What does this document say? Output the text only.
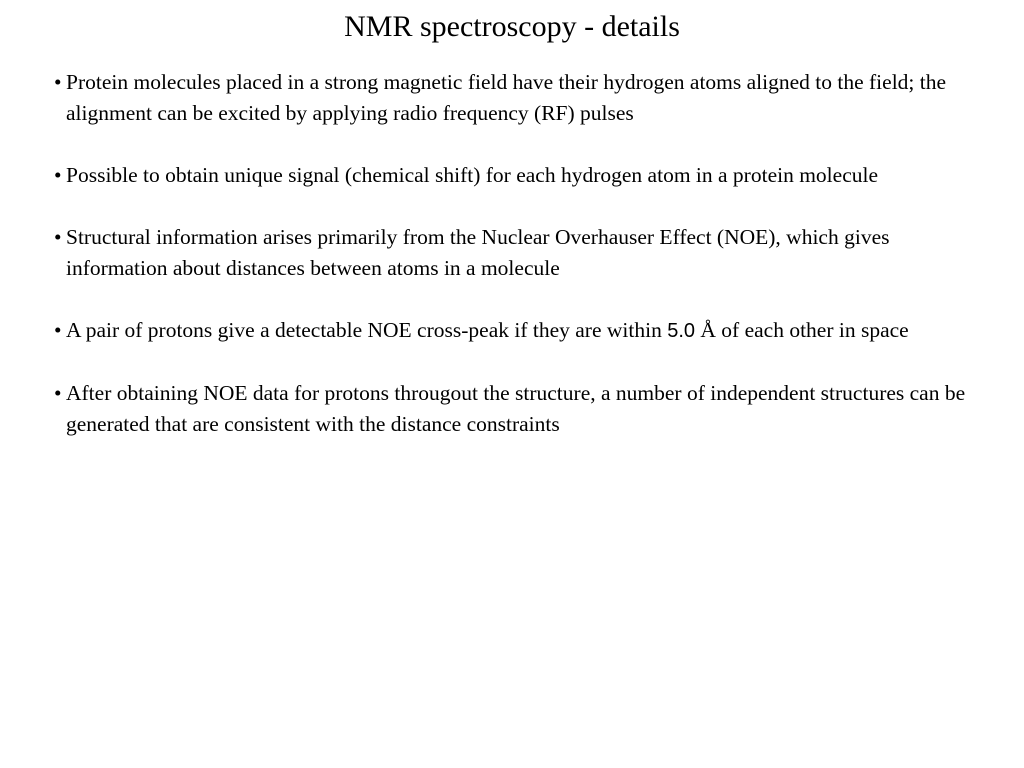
NMR spectroscopy - details
• Protein molecules placed in a strong magnetic field have their hydrogen atoms aligned to the field; the alignment can be excited by applying radio frequency (RF) pulses
• Possible to obtain unique signal (chemical shift) for each hydrogen atom in a protein molecule
• Structural information arises primarily from the Nuclear Overhauser Effect (NOE), which gives information about distances between atoms in a molecule
• A pair of protons give a detectable NOE cross-peak if they are within 5.0 Å of each other in space
• After obtaining NOE data for protons througout the structure, a number of independent structures can be generated that are consistent with the distance constraints
